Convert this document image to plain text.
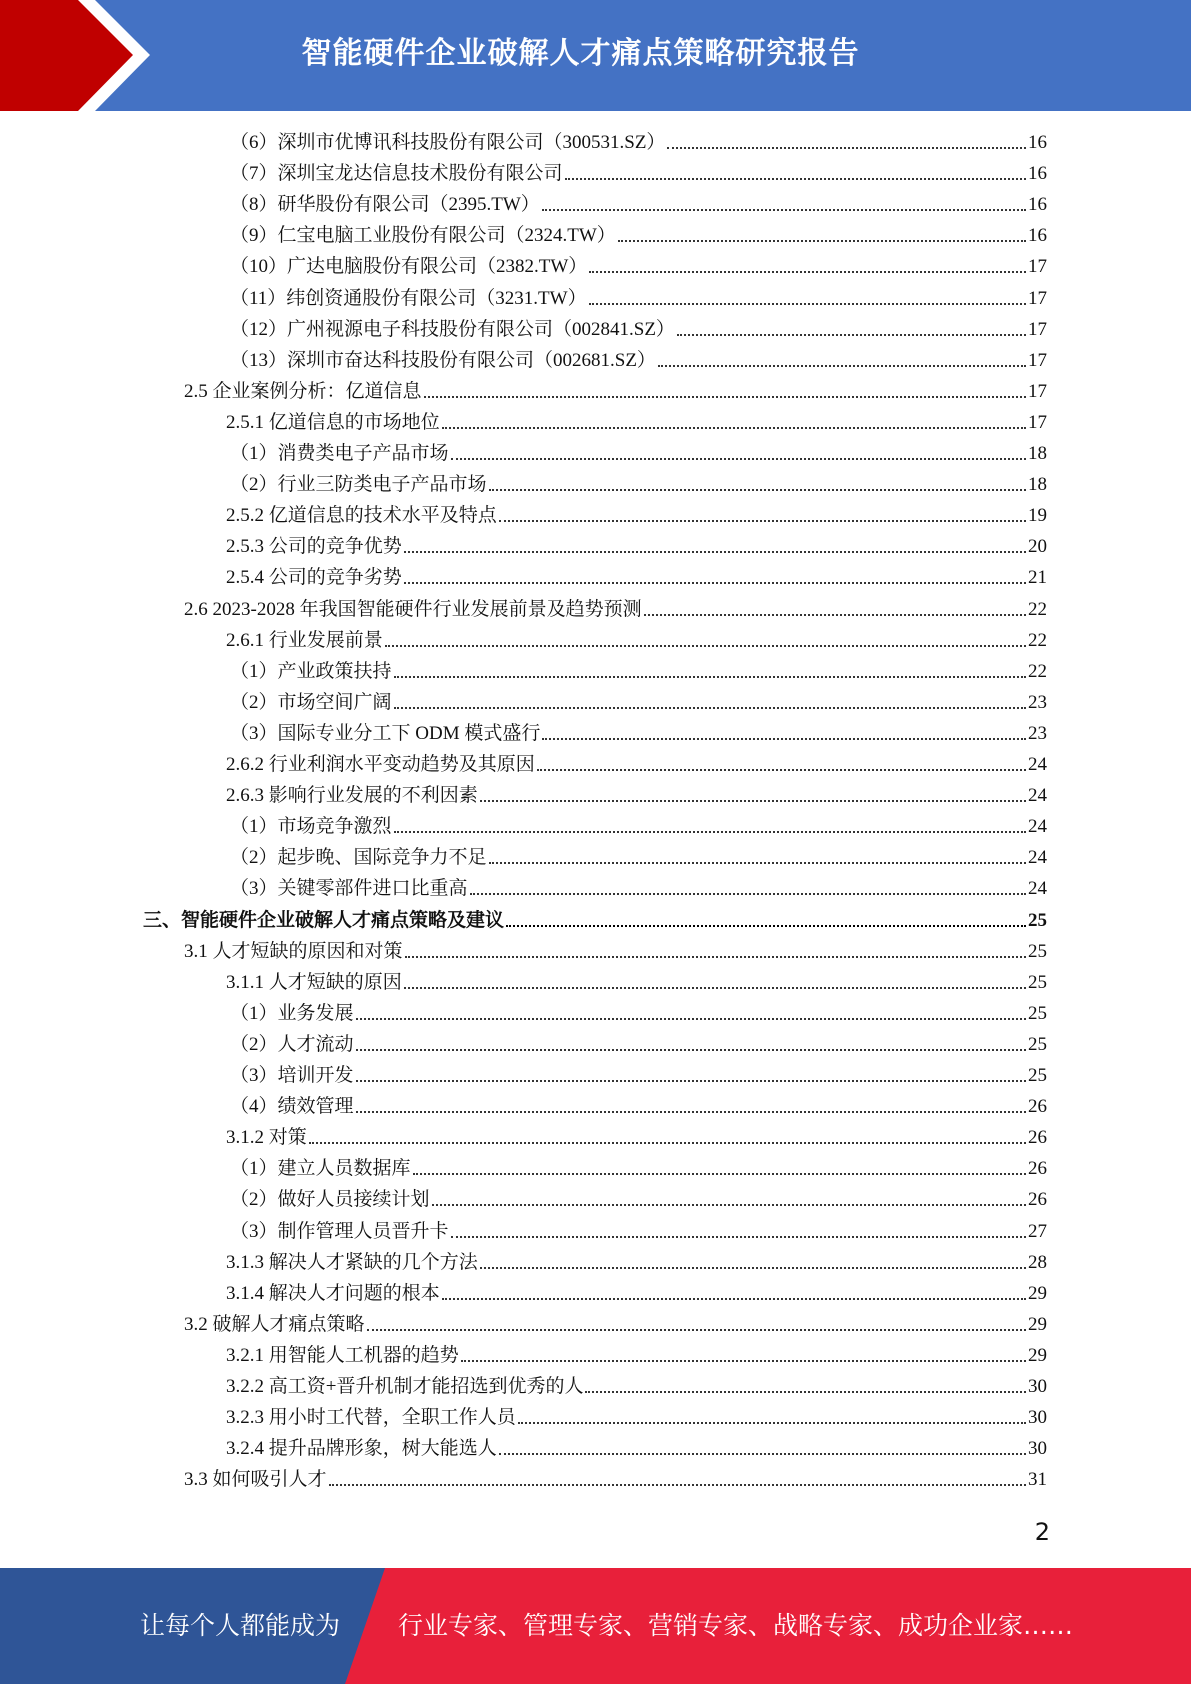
智能硬件企业破解人才痛点策略研究报告
（6）深圳市优博讯科技股份有限公司（300531.SZ）	16
（7）深圳宝龙达信息技术股份有限公司	16
（8）研华股份有限公司（2395.TW）	16
（9）仁宝电脑工业股份有限公司（2324.TW）	16
（10）广达电脑股份有限公司（2382.TW）	17
（11）纬创资通股份有限公司（3231.TW）	17
（12）广州视源电子科技股份有限公司（002841.SZ）	17
（13）深圳市奋达科技股份有限公司（002681.SZ）	17
2.5 企业案例分析：亿道信息	17
2.5.1 亿道信息的市场地位	17
（1）消费类电子产品市场	18
（2）行业三防类电子产品市场	18
2.5.2 亿道信息的技术水平及特点	19
2.5.3 公司的竞争优势	20
2.5.4 公司的竞争劣势	21
2.6 2023-2028 年我国智能硬件行业发展前景及趋势预测	22
2.6.1 行业发展前景	22
（1）产业政策扶持	22
（2）市场空间广阔	23
（3）国际专业分工下 ODM 模式盛行	23
2.6.2 行业利润水平变动趋势及其原因	24
2.6.3 影响行业发展的不利因素	24
（1）市场竞争激烈	24
（2）起步晚、国际竞争力不足	24
（3）关键零部件进口比重高	24
三、智能硬件企业破解人才痛点策略及建议	25
3.1 人才短缺的原因和对策	25
3.1.1 人才短缺的原因	25
（1）业务发展	25
（2）人才流动	25
（3）培训开发	25
（4）绩效管理	26
3.1.2 对策	26
（1）建立人员数据库	26
（2）做好人员接续计划	26
（3）制作管理人员晋升卡	27
3.1.3 解决人才紧缺的几个方法	28
3.1.4 解决人才问题的根本	29
3.2 破解人才痛点策略	29
3.2.1 用智能人工机器的趋势	29
3.2.2 高工资+晋升机制才能招选到优秀的人	30
3.2.3 用小时工代替，全职工作人员	30
3.2.4 提升品牌形象，树大能选人	30
3.3 如何吸引人才	31
2
让每个人都能成为 行业专家、管理专家、营销专家、战略专家、成功企业家……
